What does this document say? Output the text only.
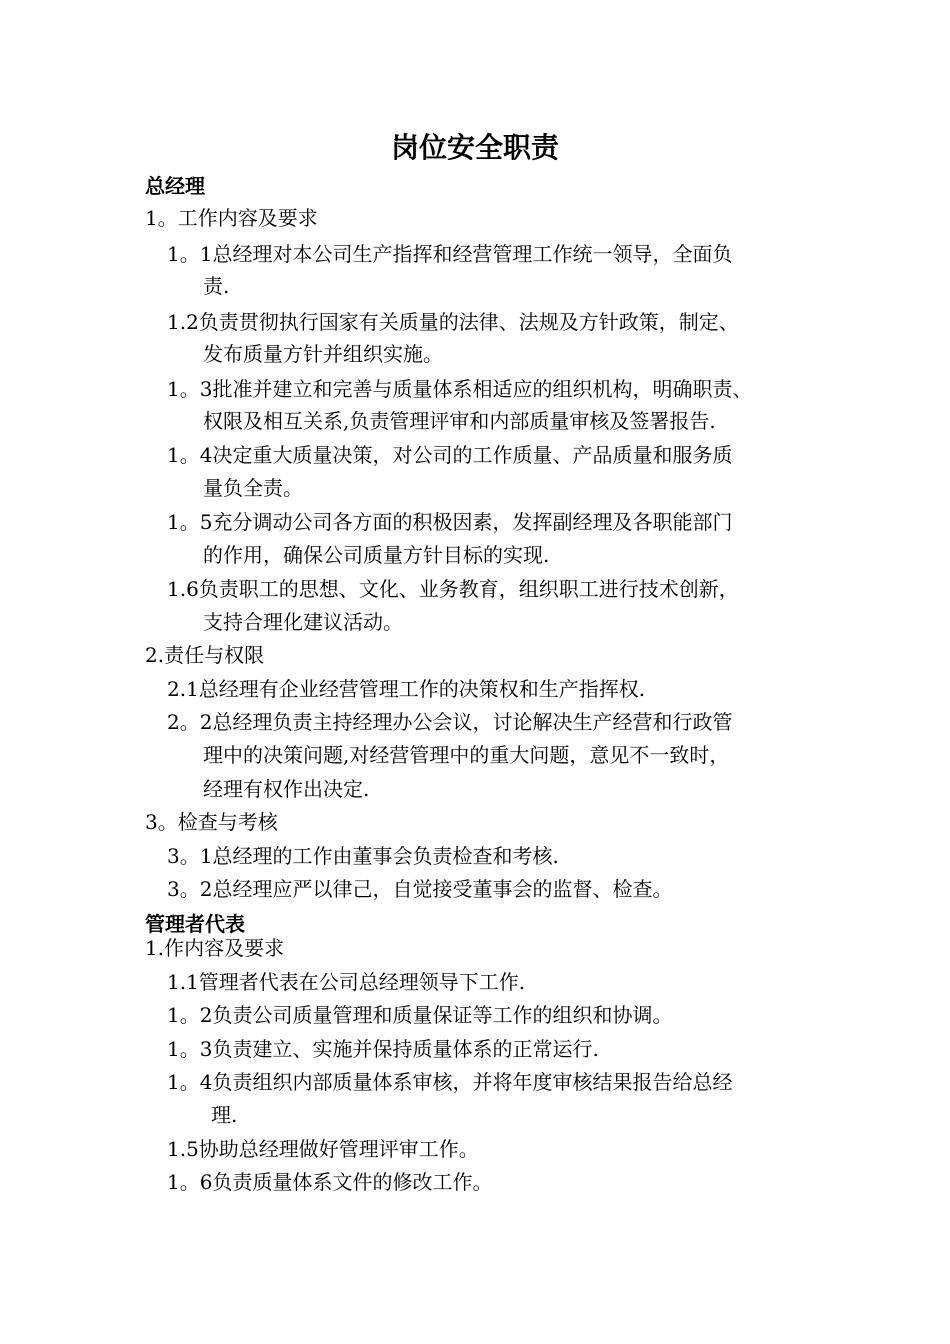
岗位安全职责
总经理
1。工作内容及要求
1。1总经理对本公司生产指挥和经营管理工作统一领导，全面负
责.
1.2负责贯彻执行国家有关质量的法律、法规及方针政策，制定、
发布质量方针并组织实施。
1。3批准并建立和完善与质量体系相适应的组织机构，明确职责、
权限及相互关系,负责管理评审和内部质量审核及签署报告.
1。4决定重大质量决策，对公司的工作质量、产品质量和服务质
量负全责。
1。5充分调动公司各方面的积极因素，发挥副经理及各职能部门
的作用，确保公司质量方针目标的实现.
1.6负责职工的思想、文化、业务教育，组织职工进行技术创新，
支持合理化建议活动。
2.责任与权限
2.1总经理有企业经营管理工作的决策权和生产指挥权.
2。2总经理负责主持经理办公会议，讨论解决生产经营和行政管
理中的决策问题,对经营管理中的重大问题，意见不一致时，
经理有权作出决定.
3。检查与考核
3。1总经理的工作由董事会负责检查和考核.
3。2总经理应严以律己，自觉接受董事会的监督、检查。
管理者代表
1.作内容及要求
1.1管理者代表在公司总经理领导下工作.
1。2负责公司质量管理和质量保证等工作的组织和协调。
1。3负责建立、实施并保持质量体系的正常运行.
1。4负责组织内部质量体系审核，并将年度审核结果报告给总经
理.
1.5协助总经理做好管理评审工作。
1。6负责质量体系文件的修改工作。
